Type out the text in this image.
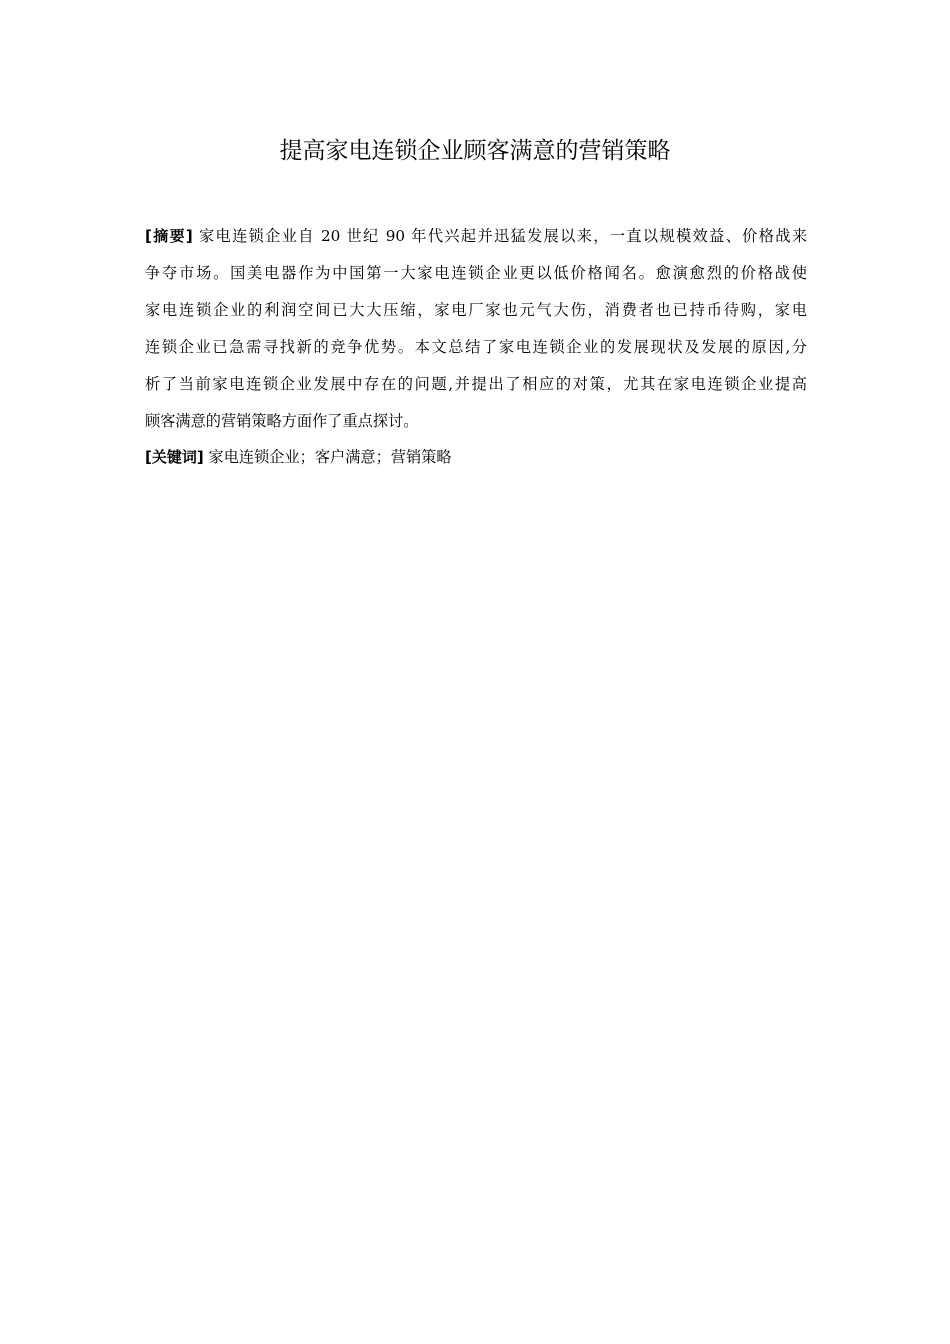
提高家电连锁企业顾客满意的营销策略
[摘要] 家电连锁企业自 20 世纪 90 年代兴起并迅猛发展以来，一直以规模效益、价格战来
争夺市场。国美电器作为中国第一大家电连锁企业更以低价格闻名。愈演愈烈的价格战使
家电连锁企业的利润空间已大大压缩，家电厂家也元气大伤，消费者也已持币待购，家电
连锁企业已急需寻找新的竞争优势。本文总结了家电连锁企业的发展现状及发展的原因,分
析了当前家电连锁企业发展中存在的问题,并提出了相应的对策，尤其在家电连锁企业提高
顾客满意的营销策略方面作了重点探讨。
[关键词] 家电连锁企业；客户满意；营销策略
